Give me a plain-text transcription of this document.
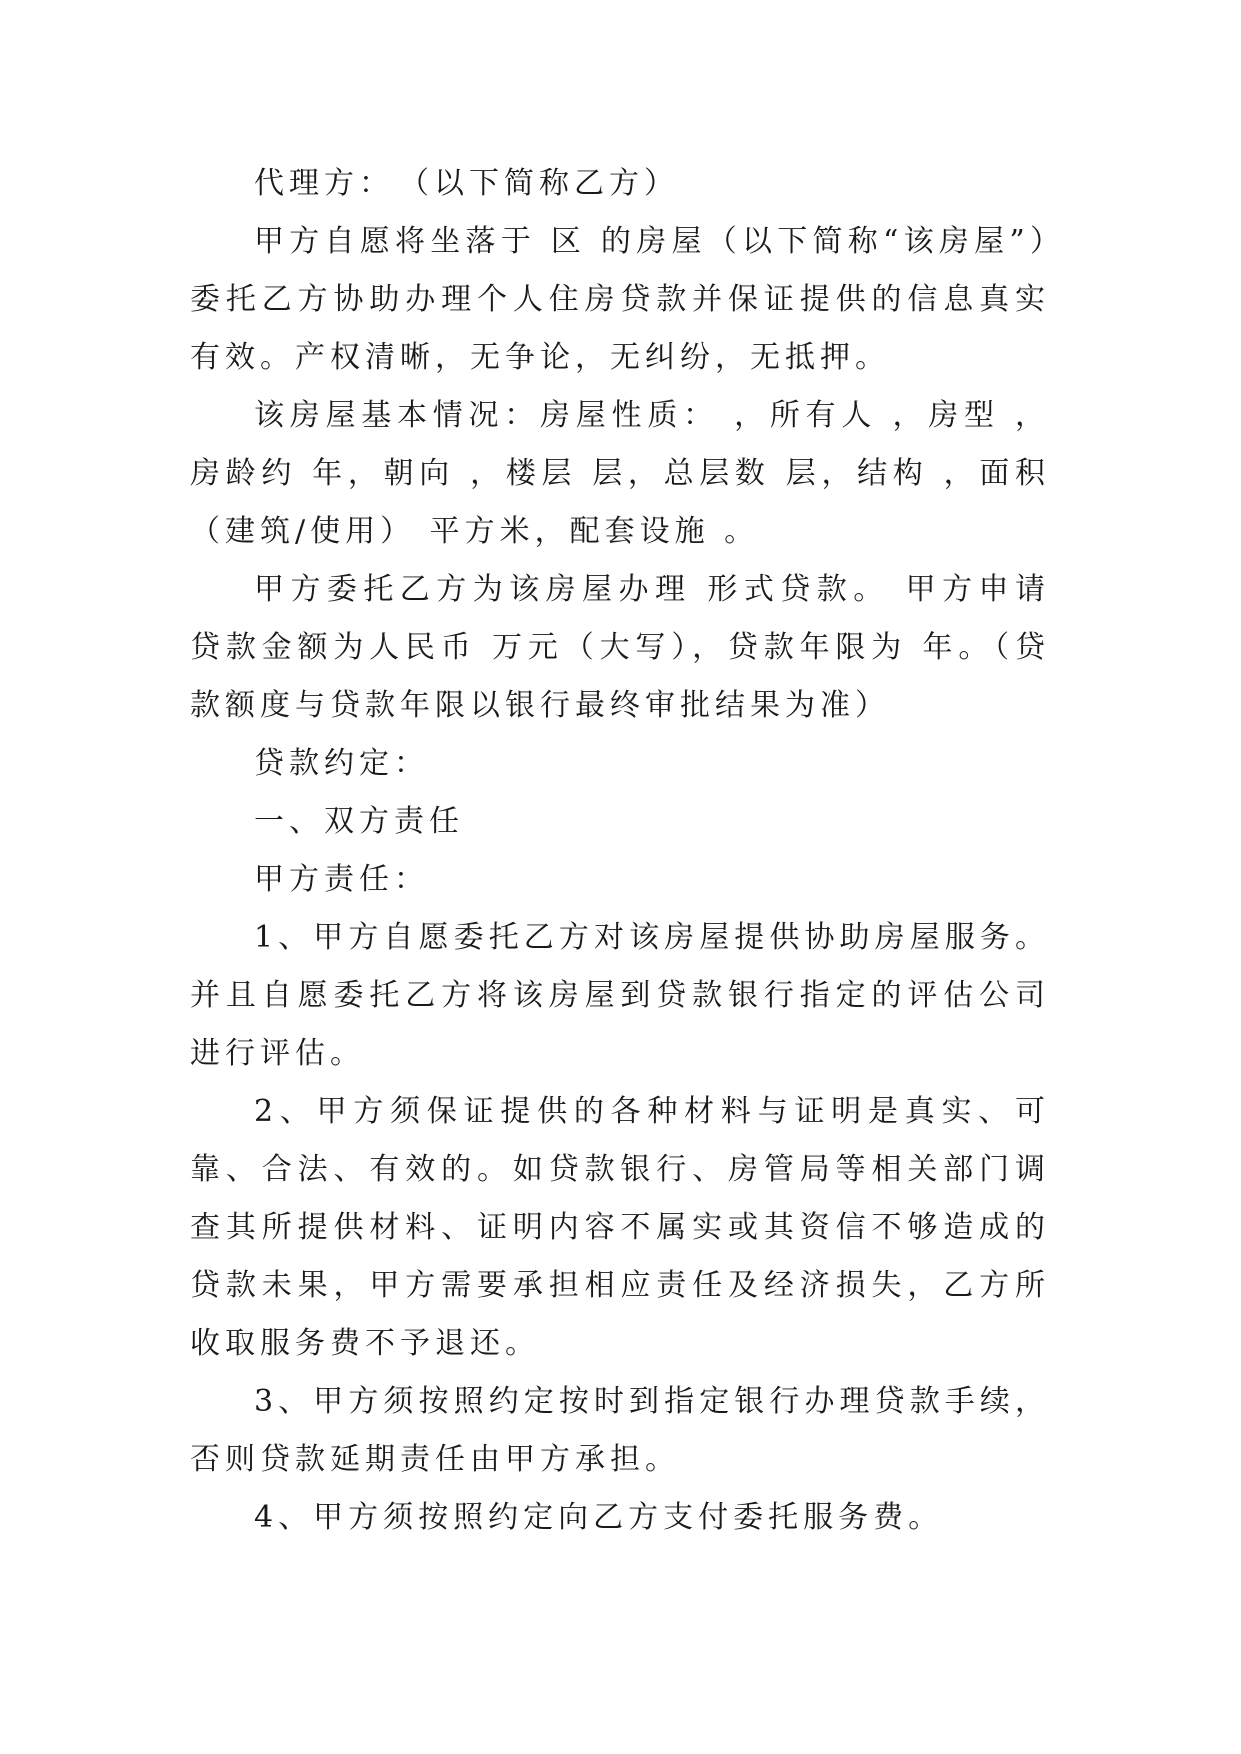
代理方：　（以下简称乙方）

甲方自愿将坐落于 区 的房屋（以下简称“该房屋”）委托乙方协助办理个人住房贷款并保证提供的信息真实有效。产权清晰，无争论，无纠纷，无抵押。

该房屋基本情况：房屋性质： ，所有人 ，房型 ，房龄约 年，朝向 ，楼层 层，总层数 层，结构 ，面积（建筑/使用） 平方米，配套设施 。

甲方委托乙方为该房屋办理 形式贷款。 甲方申请贷款金额为人民币 万元（大写），贷款年限为 年。（贷款额度与贷款年限以银行最终审批结果为准）

贷款约定：

一、双方责任

甲方责任：

1、甲方自愿委托乙方对该房屋提供协助房屋服务。并且自愿委托乙方将该房屋到贷款银行指定的评估公司进行评估。

2、甲方须保证提供的各种材料与证明是真实、可靠、合法、有效的。如贷款银行、房管局等相关部门调查其所提供材料、证明内容不属实或其资信不够造成的贷款未果，甲方需要承担相应责任及经济损失，乙方所收取服务费不予退还。

3、甲方须按照约定按时到指定银行办理贷款手续，否则贷款延期责任由甲方承担。

4、甲方须按照约定向乙方支付委托服务费。
